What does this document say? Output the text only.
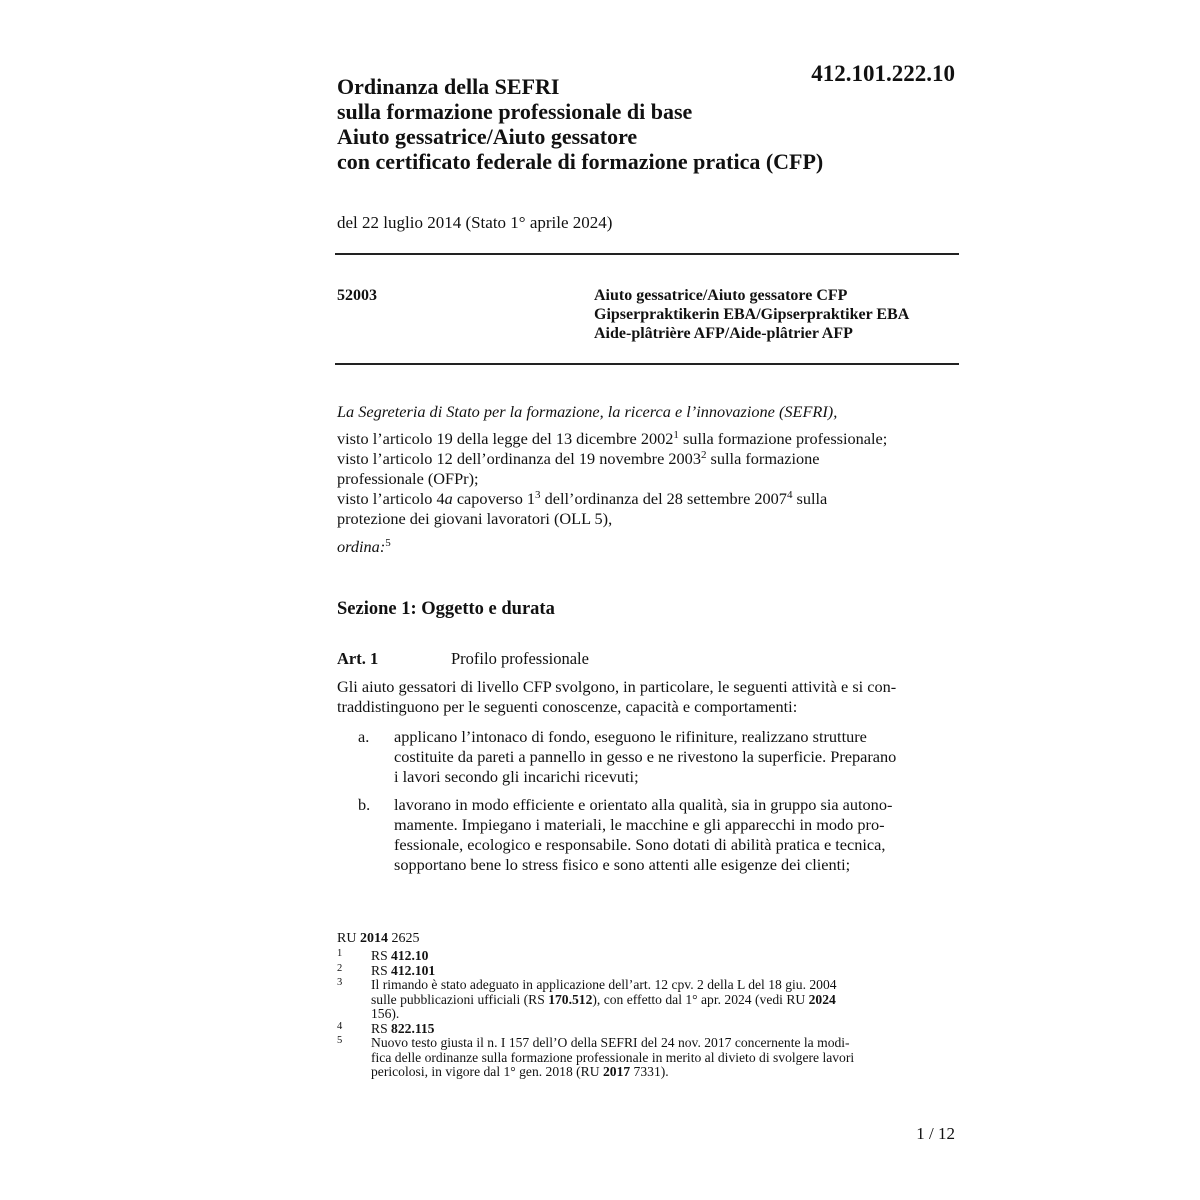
412.101.222.10
Ordinanza della SEFRI
sulla formazione professionale di base
Aiuto gessatrice/Aiuto gessatore
con certificato federale di formazione pratica (CFP)
del 22 luglio 2014 (Stato 1° aprile 2024)
52003	Aiuto gessatrice/Aiuto gessatore CFP
Gipserpraktikerin EBA/Gipserpraktiker EBA
Aide-plâtrière AFP/Aide-plâtrier AFP
La Segreteria di Stato per la formazione, la ricerca e l’innovazione (SEFRI),
visto l’articolo 19 della legge del 13 dicembre 2002$^1$ sulla formazione professionale;
visto l’articolo 12 dell’ordinanza del 19 novembre 2003$^2$ sulla formazione
professionale (OFPr);
visto l’articolo 4a capoverso $1^3$ dell’ordinanza del 28 settembre 2007$^4$ sulla
protezione dei giovani lavoratori (OLL 5),
ordina:$^5$
Sezione 1: Oggetto e durata
Art. 1	Profilo professionale
Gli aiuto gessatori di livello CFP svolgono, in particolare, le seguenti attività e si con-
traddistinguono per le seguenti conoscenze, capacità e comportamenti:
a. applicano l’intonaco di fondo, eseguono le rifiniture, realizzano strutture
costituite da pareti a pannello in gesso e ne rivestono la superficie. Preparano
i lavori secondo gli incarichi ricevuti;
b. lavorano in modo efficiente e orientato alla qualità, sia in gruppo sia autono-
mamente. Impiegano i materiali, le macchine e gli apparecchi in modo pro-
fessionale, ecologico e responsabile. Sono dotati di abilità pratica e tecnica,
sopportano bene lo stress fisico e sono attenti alle esigenze dei clienti;
RU 2014 2625
1 RS 412.10
2 RS 412.101
3 Il rimando è stato adeguato in applicazione dell’art. 12 cpv. 2 della L del 18 giu. 2004
sulle pubblicazioni ufficiali (RS 170.512), con effetto dal 1° apr. 2024 (vedi RU 2024
156).
4 RS 822.115
5 Nuovo testo giusta il n. I 157 dell’O della SEFRI del 24 nov. 2017 concernente la modi-
fica delle ordinanze sulla formazione professionale in merito al divieto di svolgere lavori
pericolosi, in vigore dal 1° gen. 2018 (RU 2017 7331).
1 / 12
